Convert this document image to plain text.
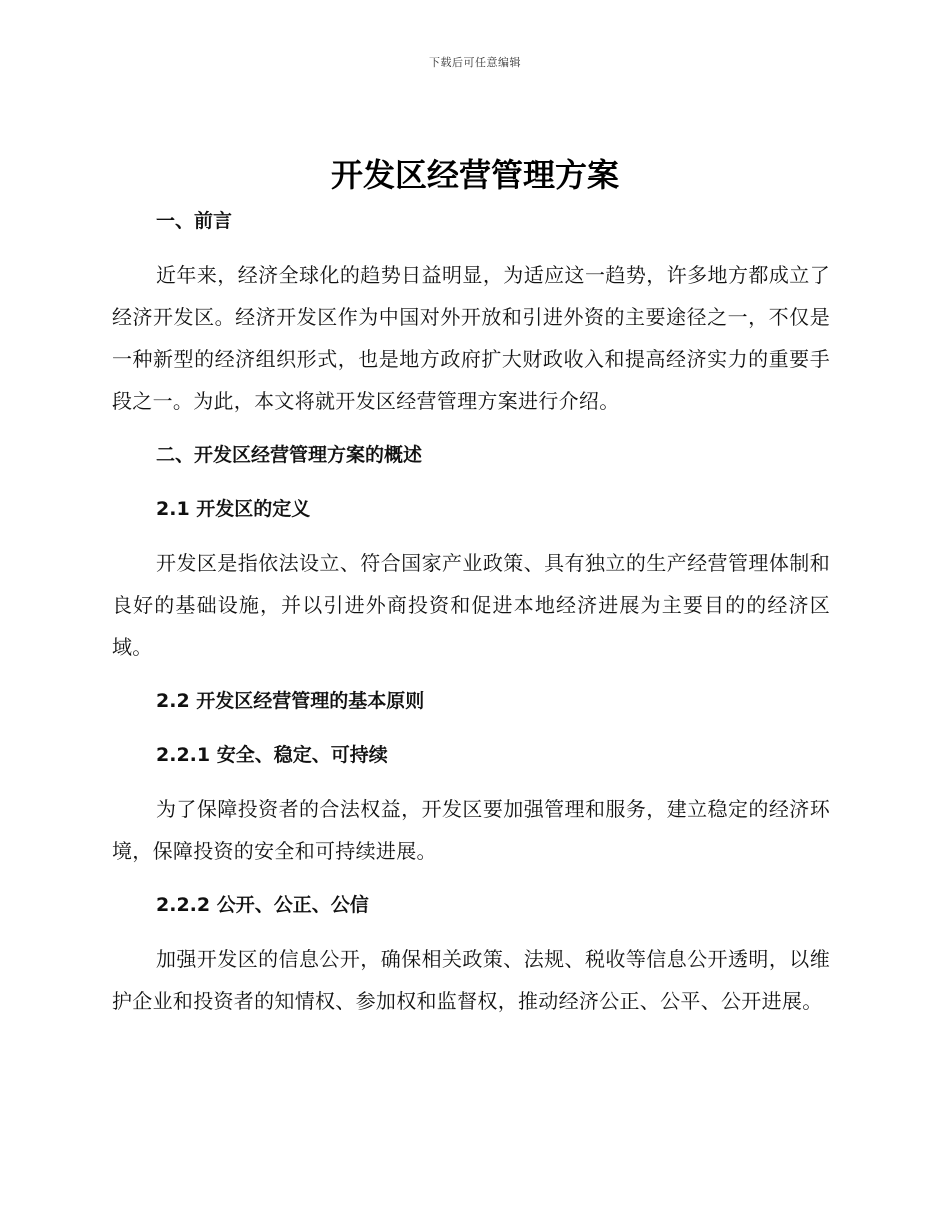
下载后可任意编辑
开发区经营管理方案
一、前言

近年来，经济全球化的趋势日益明显，为适应这一趋势，许多地方都成立了经济开发区。经济开发区作为中国对外开放和引进外资的主要途径之一，不仅是一种新型的经济组织形式，也是地方政府扩大财政收入和提高经济实力的重要手段之一。为此，本文将就开发区经营管理方案进行介绍。

二、开发区经营管理方案的概述
2.1 开发区的定义

开发区是指依法设立、符合国家产业政策、具有独立的生产经营管理体制和良好的基础设施，并以引进外商投资和促进本地经济进展为主要目的的经济区域。

2.2 开发区经营管理的基本原则
2.2.1 安全、稳定、可持续

为了保障投资者的合法权益，开发区要加强管理和服务，建立稳定的经济环境，保障投资的安全和可持续进展。

2.2.2 公开、公正、公信

加强开发区的信息公开，确保相关政策、法规、税收等信息公开透明，以维护企业和投资者的知情权、参加权和监督权，推动经济公正、公平、公开进展。
